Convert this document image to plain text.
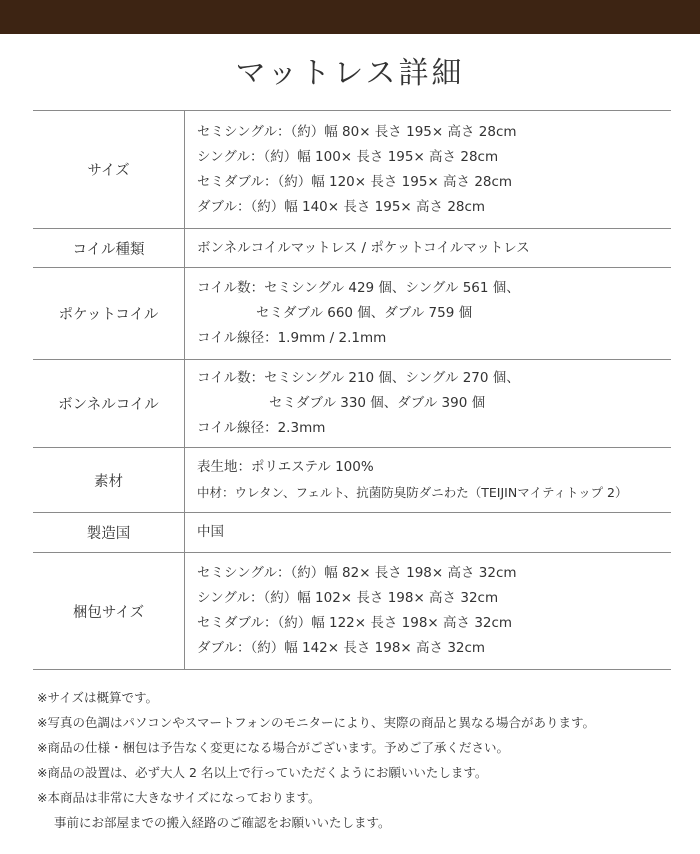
マットレス詳細
サイズ	セミシングル：（約）幅 80× 長さ 195× 高さ 28cm
シングル：（約）幅 100× 長さ 195× 高さ 28cm
セミダブル：（約）幅 120× 長さ 195× 高さ 28cm
ダブル：（約）幅 140× 長さ 195× 高さ 28cm

コイル種類	ボンネルコイルマットレス / ポケットコイルマットレス

ポケットコイル	コイル数：セミシングル 429 個、シングル 561 個、
セミダブル 660 個、ダブル 759 個
コイル線径：1.9mm / 2.1mm

ボンネルコイル	コイル数：セミシングル 210 個、シングル 270 個、
セミダブル 330 個、ダブル 390 個
コイル線径：2.3mm

素材	表生地：ポリエステル 100%
中材：ウレタン、フェルト、抗菌防臭防ダニわた（TEIJINマイティトップ 2）

製造国	中国

梱包サイズ	セミシングル：（約）幅 82× 長さ 198× 高さ 32cm
シングル：（約）幅 102× 長さ 198× 高さ 32cm
セミダブル：（約）幅 122× 長さ 198× 高さ 32cm
ダブル：（約）幅 142× 長さ 198× 高さ 32cm
※サイズは概算です。
※写真の色調はパソコンやスマートフォンのモニターにより、実際の商品と異なる場合があります。
※商品の仕様・梱包は予告なく変更になる場合がございます。予めご了承ください。
※商品の設置は、必ず大人 2 名以上で行っていただくようにお願いいたします。
※本商品は非常に大きなサイズになっております。
事前にお部屋までの搬入経路のご確認をお願いいたします。
